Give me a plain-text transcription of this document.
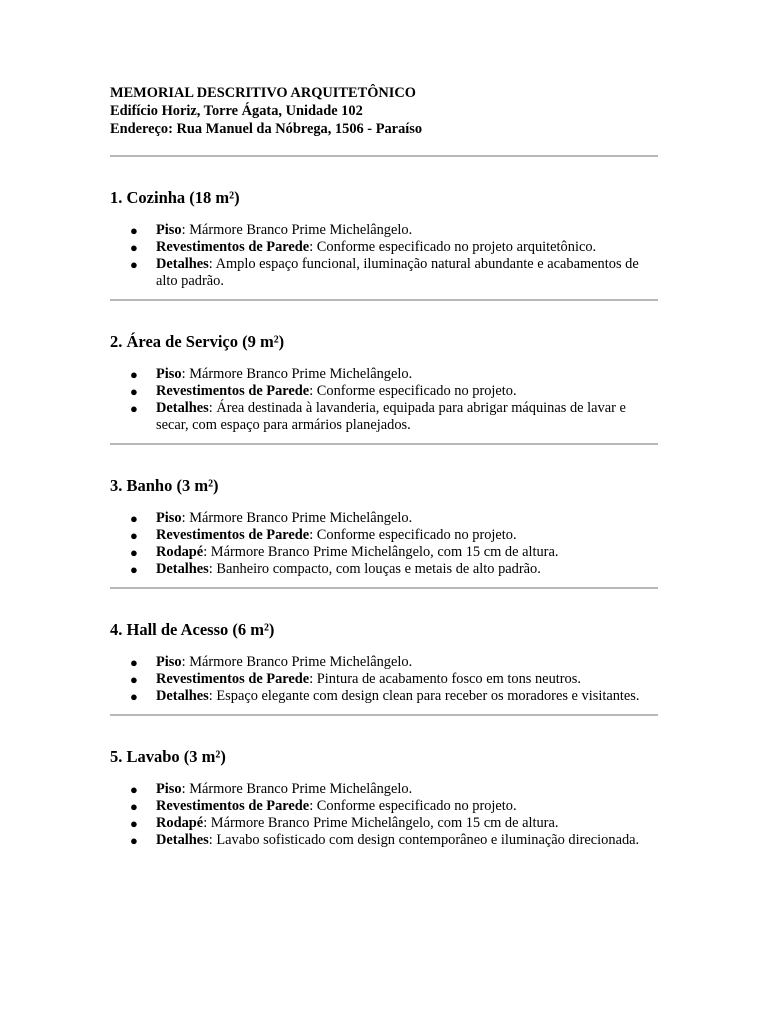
MEMORIAL DESCRITIVO ARQUITETÔNICO

Edifício Horiz, Torre Ágata, Unidade 102

Endereço: Rua Manuel da Nóbrega, 1506 - Paraíso

1. Cozinha (18 m²)
● Piso: Mármore Branco Prime Michelângelo.
● Revestimentos de Parede: Conforme especificado no projeto arquitetônico.
● Detalhes: Amplo espaço funcional, iluminação natural abundante e acabamentos de alto padrão.
2. Área de Serviço (9 m²)
● Piso: Mármore Branco Prime Michelângelo.
● Revestimentos de Parede: Conforme especificado no projeto.
● Detalhes: Área destinada à lavanderia, equipada para abrigar máquinas de lavar e secar, com espaço para armários planejados.
3. Banho (3 m²)
● Piso: Mármore Branco Prime Michelângelo.
● Revestimentos de Parede: Conforme especificado no projeto.
● Rodapé: Mármore Branco Prime Michelângelo, com 15 cm de altura.
● Detalhes: Banheiro compacto, com louças e metais de alto padrão.
4. Hall de Acesso (6 m²)
● Piso: Mármore Branco Prime Michelângelo.
● Revestimentos de Parede: Pintura de acabamento fosco em tons neutros.
● Detalhes: Espaço elegante com design clean para receber os moradores e visitantes.
5. Lavabo (3 m²)
● Piso: Mármore Branco Prime Michelângelo.
● Revestimentos de Parede: Conforme especificado no projeto.
● Rodapé: Mármore Branco Prime Michelângelo, com 15 cm de altura.
● Detalhes: Lavabo sofisticado com design contemporâneo e iluminação direcionada.
